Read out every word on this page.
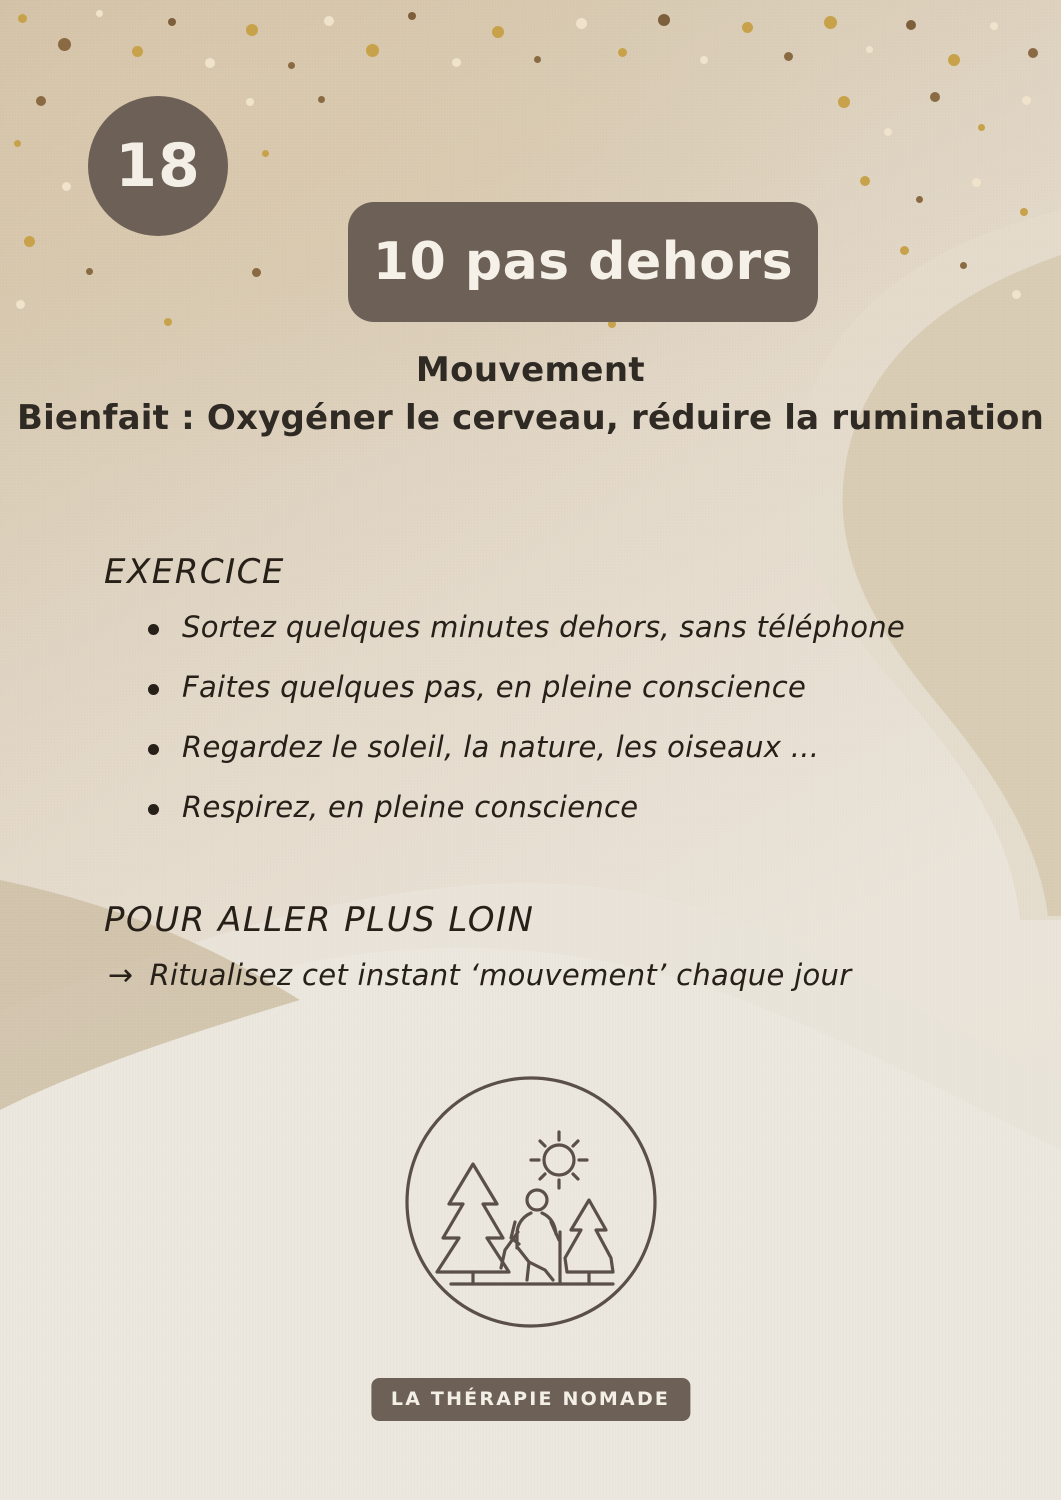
18
10 pas dehors
Mouvement
Bienfait : Oxygéner le cerveau, réduire la rumination
EXERCICE
Sortez quelques minutes dehors, sans téléphone
Faites quelques pas, en pleine conscience
Regardez le soleil, la nature, les oiseaux ...
Respirez, en pleine conscience
POUR ALLER PLUS LOIN
→ Ritualisez cet instant ‘mouvement’ chaque jour
LA THÉRAPIE NOMADE
